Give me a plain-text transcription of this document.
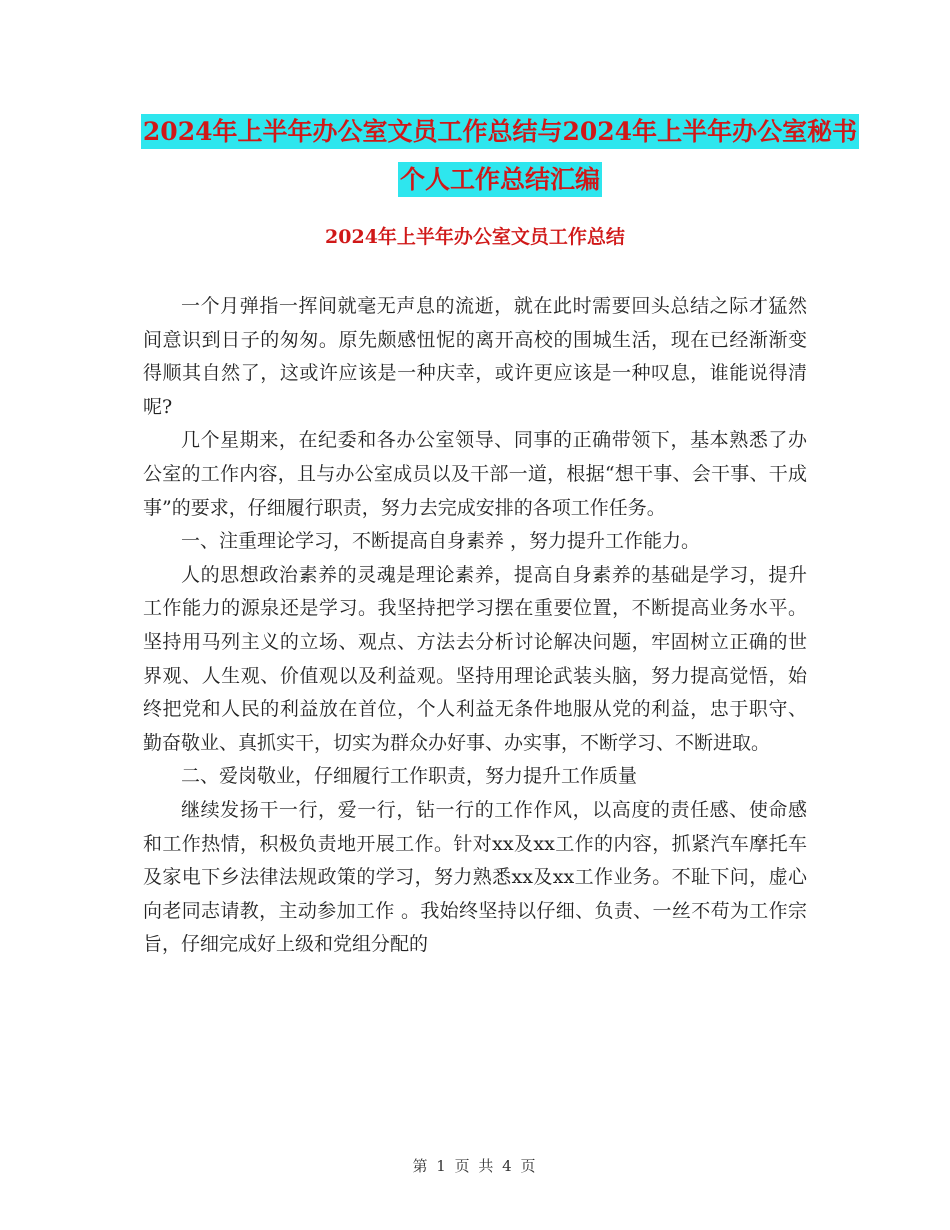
2024年上半年办公室文员工作总结与2024年上半年办公室秘书个人工作总结汇编
2024年上半年办公室文员工作总结

一个月弹指一挥间就毫无声息的流逝，就在此时需要回头总结之际才猛然间意识到日子的匆匆。原先颇感忸怩的离开高校的围城生活，现在已经渐渐变得顺其自然了，这或许应该是一种庆幸，或许更应该是一种叹息，谁能说得清呢?

几个星期来，在纪委和各办公室领导、同事的正确带领下，基本熟悉了办公室的工作内容，且与办公室成员以及干部一道，根据“想干事、会干事、干成事”的要求，仔细履行职责，努力去完成安排的各项工作任务。

一、注重理论学习，不断提高自身素养 ，努力提升工作能力。

人的思想政治素养的灵魂是理论素养，提高自身素养的基础是学习，提升工作能力的源泉还是学习。我坚持把学习摆在重要位置，不断提高业务水平。坚持用马列主义的立场、观点、方法去分析讨论解决问题，牢固树立正确的世界观、人生观、价值观以及利益观。坚持用理论武装头脑，努力提高觉悟，始终把党和人民的利益放在首位，个人利益无条件地服从党的利益，忠于职守、勤奋敬业、真抓实干，切实为群众办好事、办实事，不断学习、不断进取。

二、爱岗敬业，仔细履行工作职责，努力提升工作质量

继续发扬干一行，爱一行，钻一行的工作作风，以高度的责任感、使命感和工作热情，积极负责地开展工作。针对xx及xx工作的内容，抓紧汽车摩托车及家电下乡法律法规政策的学习，努力熟悉xx及xx工作业务。不耻下问，虚心向老同志请教，主动参加工作 。我始终坚持以仔细、负责、一丝不苟为工作宗旨，仔细完成好上级和党组分配的

第 1 页 共 4 页
